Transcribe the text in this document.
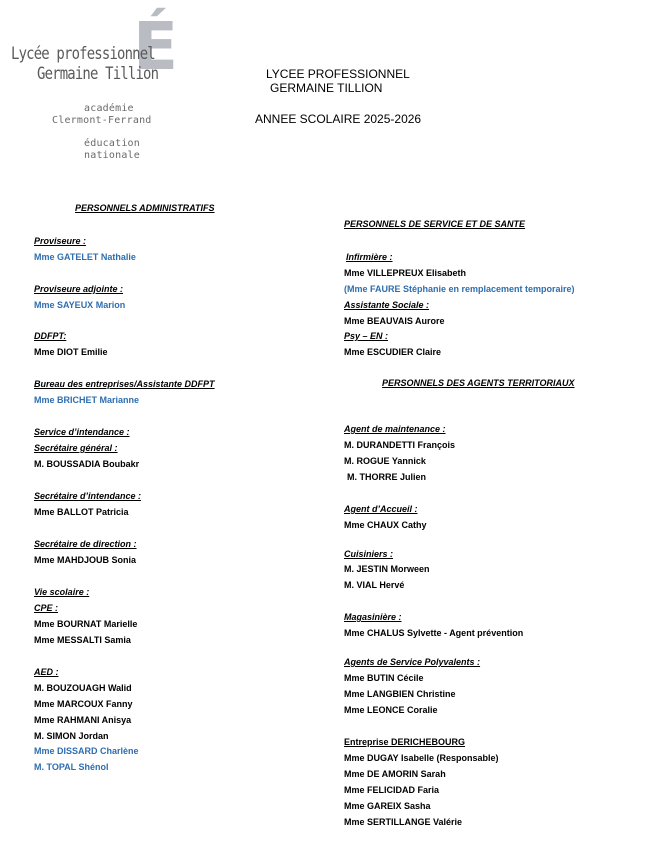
É
Lycée professionnel
Germaine Tillion
académie
Clermont-Ferrand
éducation
nationale
LYCEE PROFESSIONNEL
GERMAINE TILLION
ANNEE SCOLAIRE 2025-2026
PERSONNELS ADMINISTRATIFS
PERSONNELS DE SERVICE ET DE SANTE
PERSONNELS DES AGENTS TERRITORIAUX
Proviseure :
Mme GATELET Nathalie
Proviseure adjointe :
Mme SAYEUX Marion
DDFPT:
Mme DIOT Emilie
Bureau des entreprises/Assistante DDFPT
Mme BRICHET Marianne
Service d’intendance :
Secrétaire général :
M. BOUSSADIA Boubakr
Secrétaire d’intendance :
Mme BALLOT Patricia
Secrétaire de direction :
Mme MAHDJOUB Sonia
Vie scolaire :
CPE :
Mme BOURNAT Marielle
Mme MESSALTI Samia
AED :
M. BOUZOUAGH Walid
Mme MARCOUX Fanny
Mme RAHMANI Anisya
M. SIMON Jordan
Mme DISSARD Charlène
M. TOPAL Shénol
Infirmière :
Mme VILLEPREUX Elisabeth
(Mme FAURE Stéphanie en remplacement temporaire)
Assistante Sociale :
Mme BEAUVAIS Aurore
Psy – EN :
Mme ESCUDIER Claire
Agent de maintenance :
M. DURANDETTI François
M. ROGUE Yannick
M. THORRE Julien
Agent d’Accueil :
Mme CHAUX Cathy
Cuisiniers :
M. JESTIN Morween
M. VIAL Hervé
Magasinière :
Mme CHALUS Sylvette - Agent prévention
Agents de Service Polyvalents :
Mme BUTIN Cécile
Mme LANGBIEN Christine
Mme LEONCE Coralie
Entreprise DERICHEBOURG
Mme DUGAY Isabelle (Responsable)
Mme DE AMORIN Sarah
Mme FELICIDAD Faria
Mme GAREIX Sasha
Mme SERTILLANGE Valérie
